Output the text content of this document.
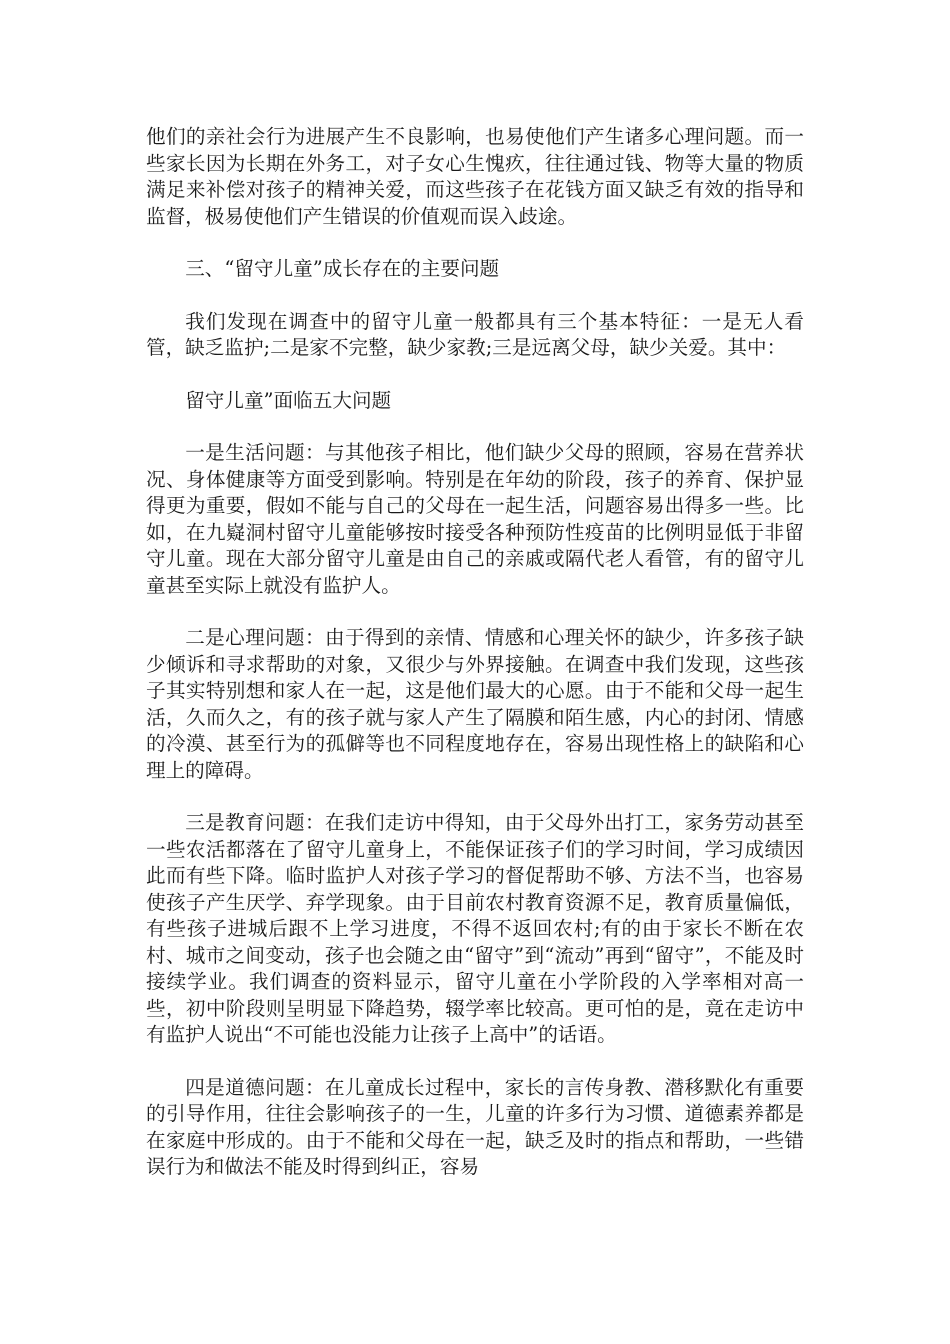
他们的亲社会行为进展产生不良影响，也易使他们产生诸多心理问题。而一些家长因为长期在外务工，对子女心生愧疚，往往通过钱、物等大量的物质满足来补偿对孩子的精神关爱，而这些孩子在花钱方面又缺乏有效的指导和监督，极易使他们产生错误的价值观而误入歧途。

三、“留守儿童”成长存在的主要问题

我们发现在调查中的留守儿童一般都具有三个基本特征：一是无人看管，缺乏监护;二是家不完整，缺少家教;三是远离父母，缺少关爱。其中：

留守儿童”面临五大问题

一是生活问题：与其他孩子相比，他们缺少父母的照顾，容易在营养状况、身体健康等方面受到影响。特别是在年幼的阶段，孩子的养育、保护显得更为重要，假如不能与自己的父母在一起生活，问题容易出得多一些。比如，在九嶷洞村留守儿童能够按时接受各种预防性疫苗的比例明显低于非留守儿童。现在大部分留守儿童是由自己的亲戚或隔代老人看管，有的留守儿童甚至实际上就没有监护人。

二是心理问题：由于得到的亲情、情感和心理关怀的缺少，许多孩子缺少倾诉和寻求帮助的对象，又很少与外界接触。在调查中我们发现，这些孩子其实特别想和家人在一起，这是他们最大的心愿。由于不能和父母一起生活，久而久之，有的孩子就与家人产生了隔膜和陌生感，内心的封闭、情感的冷漠、甚至行为的孤僻等也不同程度地存在，容易出现性格上的缺陷和心理上的障碍。

三是教育问题：在我们走访中得知，由于父母外出打工，家务劳动甚至一些农活都落在了留守儿童身上，不能保证孩子们的学习时间，学习成绩因此而有些下降。临时监护人对孩子学习的督促帮助不够、方法不当，也容易使孩子产生厌学、弃学现象。由于目前农村教育资源不足，教育质量偏低，有些孩子进城后跟不上学习进度，不得不返回农村;有的由于家长不断在农村、城市之间变动，孩子也会随之由“留守”到“流动”再到“留守”，不能及时接续学业。我们调查的资料显示，留守儿童在小学阶段的入学率相对高一些，初中阶段则呈明显下降趋势，辍学率比较高。更可怕的是，竟在走访中有监护人说出“不可能也没能力让孩子上高中”的话语。

四是道德问题：在儿童成长过程中，家长的言传身教、潜移默化有重要的引导作用，往往会影响孩子的一生，儿童的许多行为习惯、道德素养都是在家庭中形成的。由于不能和父母在一起，缺乏及时的指点和帮助，一些错误行为和做法不能及时得到纠正，容易
